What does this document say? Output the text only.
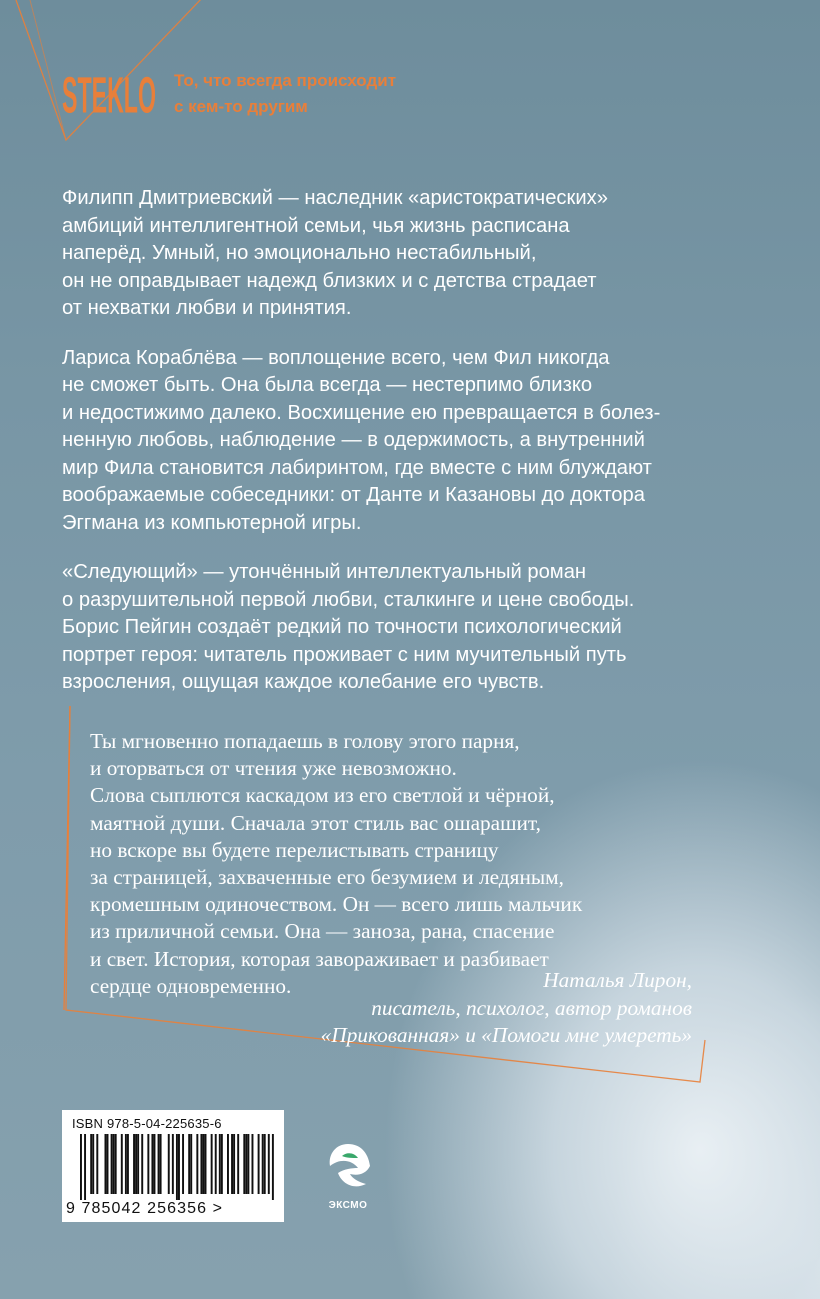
STEKLO То, что всегда происходит
с кем-то другим

Филипп Дмитриевский — наследник «аристократических»
амбиций интеллигентной семьи, чья жизнь расписана
наперёд. Умный, но эмоционально нестабильный,
он не оправдывает надежд близких и с детства страдает
от нехватки любви и принятия.

Лариса Кораблёва — воплощение всего, чем Фил никогда
не сможет быть. Она была всегда — нестерпимо близко
и недостижимо далеко. Восхищение ею превращается в болез-
ненную любовь, наблюдение — в одержимость, а внутренний
мир Фила становится лабиринтом, где вместе с ним блуждают
воображаемые собеседники: от Данте и Казановы до доктора
Эггмана из компьютерной игры.

«Следующий» — утончённый интеллектуальный роман
о разрушительной первой любви, сталкинге и цене свободы.
Борис Пейгин создаёт редкий по точности психологический
портрет героя: читатель проживает с ним мучительный путь
взросления, ощущая каждое колебание его чувств.

Ты мгновенно попадаешь в голову этого парня,
и оторваться от чтения уже невозможно.
Слова сыплются каскадом из его светлой и чёрной,
маятной души. Сначала этот стиль вас ошарашит,
но вскоре вы будете перелистывать страницу
за страницей, захваченные его безумием и ледяным,
кромешным одиночеством. Он — всего лишь мальчик
из приличной семьи. Она — заноза, рана, спасение
и свет. История, которая завораживает и разбивает
сердце одновременно.	Наталья Лирон,
писатель, психолог, автор романов
«Прикованная» и «Помоги мне умереть»
ISBN 978-5-04-225635-6
9 785042 256356 >	ЭКСМО
